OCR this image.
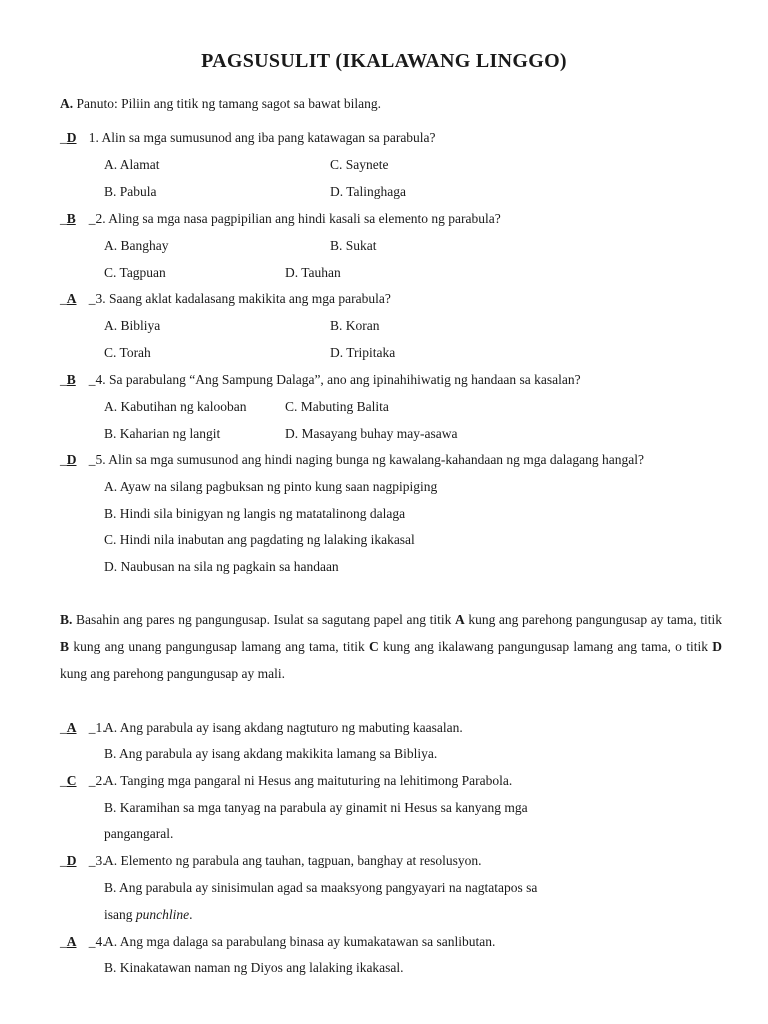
PAGSUSULIT (IKALAWANG LINGGO)
A. Panuto: Piliin ang titik ng tamang sagot sa bawat bilang.
_D 1. Alin sa mga sumusunod ang iba pang katawagan sa parabula?
A. Alamat	C. Saynete
B. Pabula	D. Talinghaga
_B _2. Aling sa mga nasa pagpipilian ang hindi kasali sa elemento ng parabula?
A. Banghay	B. Sukat
C. Tagpuan	D. Tauhan
_A _3. Saang aklat kadalasang makikita ang mga parabula?
A. Bibliya	B. Koran
C. Torah	D. Tripitaka
_B _4. Sa parabulang “Ang Sampung Dalaga”, ano ang ipinahihiwatig ng handaan sa kasalan?
A. Kabutihan ng kalooban	C. Mabuting Balita
B. Kaharian ng langit	D. Masayang buhay may-asawa
_D _5. Alin sa mga sumusunod ang hindi naging bunga ng kawalang-kahandaan ng mga dalagang hangal?
A. Ayaw na silang pagbuksan ng pinto kung saan nagpipiging
B. Hindi sila binigyan ng langis ng matatalinong dalaga
C. Hindi nila inabutan ang pagdating ng lalaking ikakasal
D. Naubusan na sila ng pagkain sa handaan
B. Basahin ang pares ng pangungusap. Isulat sa sagutang papel ang titik A kung ang parehong pangungusap ay tama, titik B kung ang unang pangungusap lamang ang tama, titik C kung ang ikalawang pangungusap lamang ang tama, o titik D kung ang parehong pangungusap ay mali.
_A _1.
A. Ang parabula ay isang akdang nagtuturo ng mabuting kaasalan.
B. Ang parabula ay isang akdang makikita lamang sa Bibliya.
_C _2.
A. Tanging mga pangaral ni Hesus ang maituturing na lehitimong Parabola.
B. Karamihan sa mga tanyag na parabula ay ginamit ni Hesus sa kanyang mga
pangangaral.
_D _3.
A. Elemento ng parabula ang tauhan, tagpuan, banghay at resolusyon.
B. Ang parabula ay sinisimulan agad sa maaksyong pangyayari na nagtatapos sa
isang punchline.
_A _4.
A. Ang mga dalaga sa parabulang binasa ay kumakatawan sa sanlibutan.
B. Kinakatawan naman ng Diyos ang lalaking ikakasal.
